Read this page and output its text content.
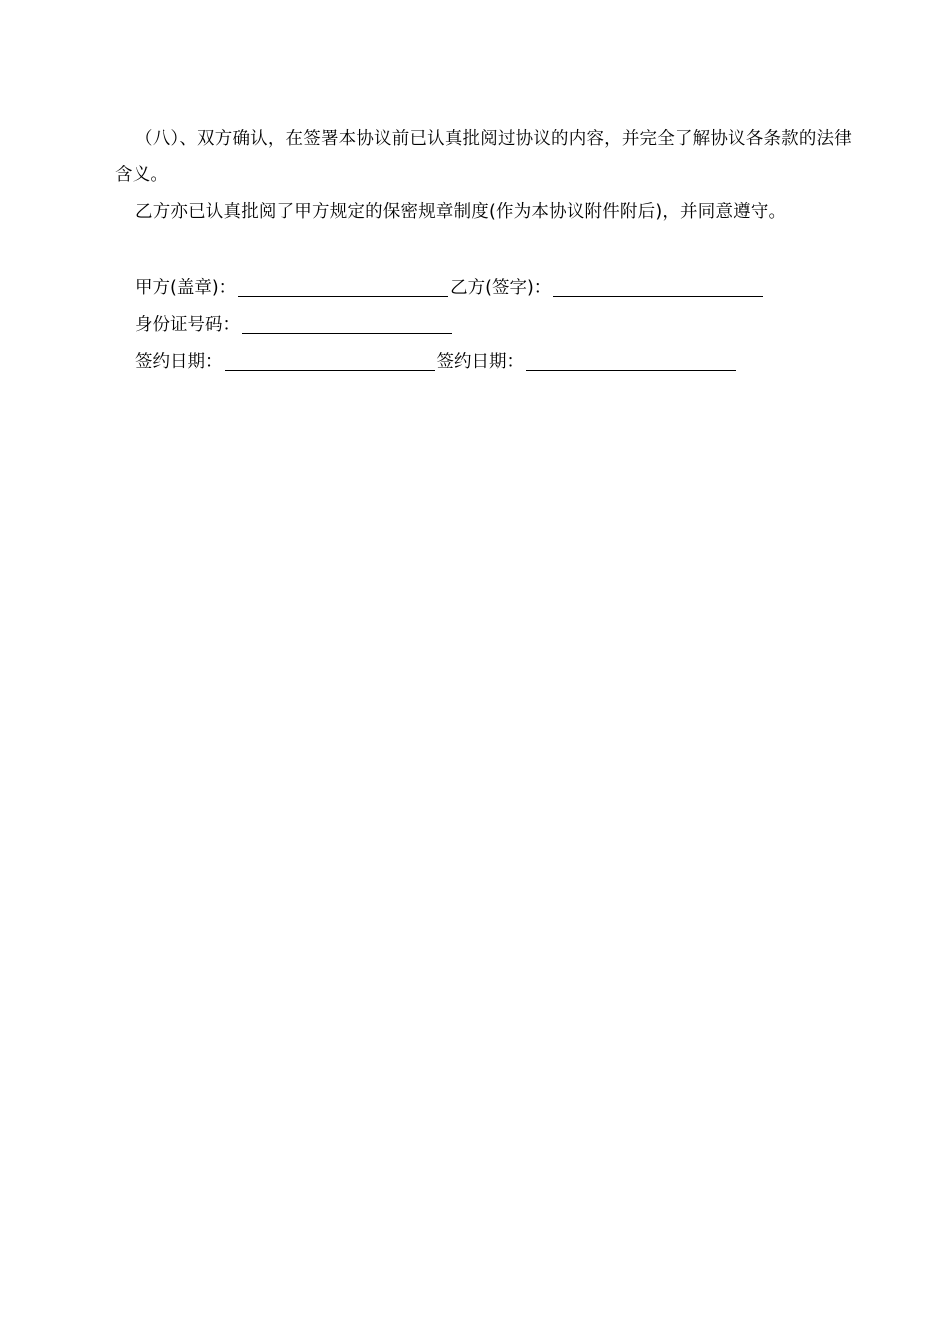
（八）、双方确认，在签署本协议前已认真批阅过协议的内容，并完全了解协议各条款的法律含义。
乙方亦已认真批阅了甲方规定的保密规章制度(作为本协议附件附后)，并同意遵守。
甲方(盖章)：	乙方(签字)：
身份证号码：
签约日期：	签约日期：
